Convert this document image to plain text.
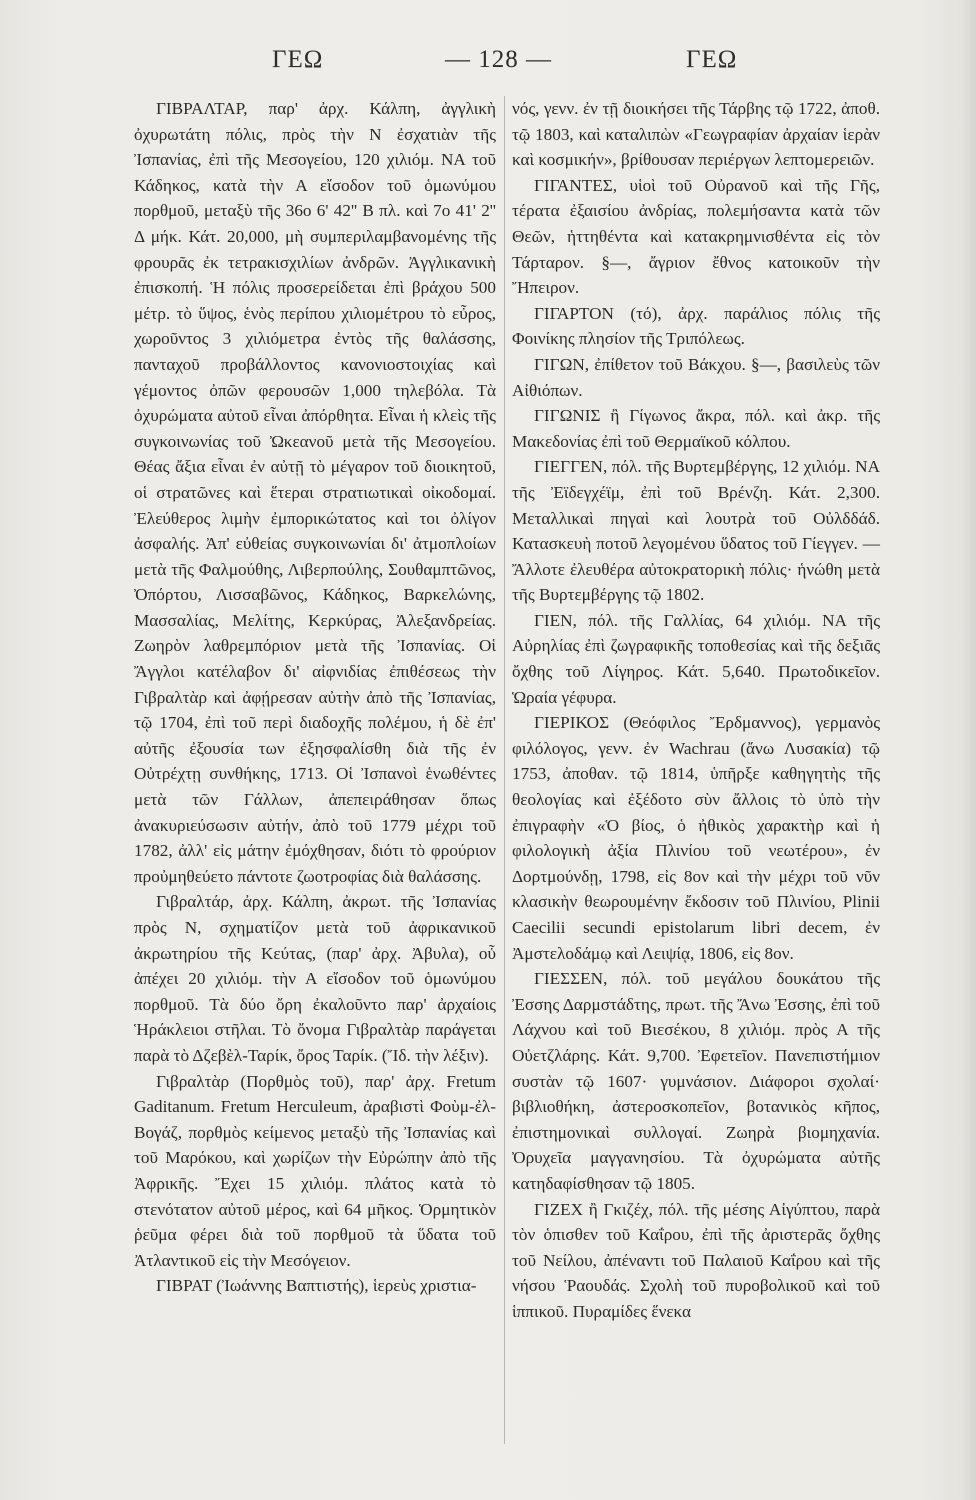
ΓΕΩ	— 128 —	ΓΕΩ

ΓΙΒΡΑΛΤΑΡ, παρ' ἀρχ. Κάλπη, ἀγγλικὴ ὀχυρωτάτη πόλις, πρὸς τὴν Ν ἐσχατιὰν τῆς Ἰσπανίας, ἐπὶ τῆς Μεσογείου, 120 χιλιόμ. ΝΑ τοῦ Κάδηκος, κατὰ τὴν Α εἴσοδον τοῦ ὁμωνύμου πορθμοῦ, μεταξὺ τῆς 36ο 6' 42'' Β πλ. καὶ 7ο 41' 2'' Δ μήκ. Κάτ. 20,000, μὴ συμπεριλαμβανομένης τῆς φρουρᾶς ἐκ τετρακισχιλίων ἀνδρῶν. Ἀγγλικανικὴ ἐπισκοπή. Ἡ πόλις προσερείδεται ἐπὶ βράχου 500 μέτρ. τὸ ὕψος, ἑνὸς περίπου χιλιομέτρου τὸ εὖρος, χωροῦντος 3 χιλιόμετρα ἐντὸς τῆς θαλάσσης, πανταχοῦ προβάλλοντος κανονιοστοιχίας καὶ γέμοντος ὀπῶν φερουσῶν 1,000 τηλεβόλα. Τὰ ὀχυρώματα αὐτοῦ εἶναι ἀπόρθητα. Εἶναι ἡ κλεὶς τῆς συγκοινωνίας τοῦ Ὠκεανοῦ μετὰ τῆς Μεσογείου. Θέας ἄξια εἶναι ἐν αὐτῇ τὸ μέγαρον τοῦ διοικητοῦ, οἱ στρατῶνες καὶ ἕτεραι στρατιωτικαὶ οἰκοδομαί. Ἐλεύθερος λιμὴν ἐμπορικώτατος καὶ τοι ὀλίγον ἀσφαλής. Ἀπ' εὐθείας συγκοινωνίαι δι' ἀτμοπλοίων μετὰ τῆς Φαλμούθης, Λιβερπούλης, Σουθαμπτῶνος, Ὀπόρτου, Λισσαβῶνος, Κάδηκος, Βαρκελώνης, Μασσαλίας, Μελίτης, Κερκύρας, Ἀλεξανδρείας. Ζωηρὸν λαθρεμπόριον μετὰ τῆς Ἰσπανίας. Οἱ Ἄγγλοι κατέλαβον δι' αἰφνιδίας ἐπιθέσεως τὴν Γιβραλτὰρ καὶ ἀφῄρεσαν αὐτὴν ἀπὸ τῆς Ἰσπανίας, τῷ 1704, ἐπὶ τοῦ περὶ διαδοχῆς πολέμου, ἡ δὲ ἐπ' αὐτῆς ἐξουσία των ἐξησφαλίσθη διὰ τῆς ἐν Οὐτρέχτῃ συνθήκης, 1713. Οἱ Ἰσπανοὶ ἑνωθέντες μετὰ τῶν Γάλλων, ἀπεπειράθησαν ὅπως ἀνακυριεύσωσιν αὐτήν, ἀπὸ τοῦ 1779 μέχρι τοῦ 1782, ἀλλ' εἰς μάτην ἐμόχθησαν, διότι τὸ φρούριον προὐμηθεύετο πάντοτε ζωοτροφίας διὰ θαλάσσης.

Γιβραλτάρ, ἀρχ. Κάλπη, ἀκρωτ. τῆς Ἰσπανίας πρὸς Ν, σχηματίζον μετὰ τοῦ ἀφρικανικοῦ ἀκρωτηρίου τῆς Κεύτας, (παρ' ἀρχ. Ἀβυλα), οὗ ἀπέχει 20 χιλιόμ. τὴν Α εἴσοδον τοῦ ὁμωνύμου πορθμοῦ. Τὰ δύο ὄρη ἐκαλοῦντο παρ' ἀρχαίοις Ἡράκλειοι στῆλαι. Τὸ ὄνομα Γιβραλτὰρ παράγεται παρὰ τὸ Δζεβὲλ-Ταρίκ, ὄρος Ταρίκ. (Ἴδ. τὴν λέξιν).

Γιβραλτὰρ (Πορθμὸς τοῦ), παρ' ἀρχ. Fretum Gaditanum. Fretum Herculeum, ἀραβιστὶ Φοὺμ-ἐλ-Βογάζ, πορθμὸς κείμενος μεταξὺ τῆς Ἰσπανίας καὶ τοῦ Μαρόκου, καὶ χωρίζων τὴν Εὐρώπην ἀπὸ τῆς Ἀφρικῆς. Ἔχει 15 χιλιόμ. πλάτος κατὰ τὸ στενότατον αὐτοῦ μέρος, καὶ 64 μῆκος. Ὁρμητικὸν ῥεῦμα φέρει διὰ τοῦ πορθμοῦ τὰ ὕδατα τοῦ Ἀτλαντικοῦ εἰς τὴν Μεσόγειον.

ΓΙΒΡΑΤ (Ἰωάννης Βαπτιστής), ἱερεὺς χριστια-

νός, γενν. ἐν τῇ διοικήσει τῆς Τάρβης τῷ 1722, ἀποθ. τῷ 1803, καὶ καταλιπὼν «Γεωγραφίαν ἀρχαίαν ἱερὰν καὶ κοσμικήν», βρίθουσαν περιέργων λεπτομερειῶν.

ΓΙΓΑΝΤΕΣ, υἱοὶ τοῦ Οὐρανοῦ καὶ τῆς Γῆς, τέρατα ἐξαισίου ἀνδρίας, πολεμήσαντα κατὰ τῶν Θεῶν, ἡττηθέντα καὶ κατακρημνισθέντα εἰς τὸν Τάρταρον. §—, ἄγριον ἔθνος κατοικοῦν τὴν Ἤπειρον.

ΓΙΓΑΡΤΟΝ (τό), ἀρχ. παράλιος πόλις τῆς Φοινίκης πλησίον τῆς Τριπόλεως.

ΓΙΓΩΝ, ἐπίθετον τοῦ Βάκχου. §—, βασιλεὺς τῶν Αἰθιόπων.

ΓΙΓΩΝΙΣ ἢ Γίγωνος ἄκρα, πόλ. καὶ ἀκρ. τῆς Μακεδονίας ἐπὶ τοῦ Θερμαϊκοῦ κόλπου.

ΓΙΕΓΓΕΝ, πόλ. τῆς Βυρτεμβέργης, 12 χιλιόμ. ΝΑ τῆς Ἐϊδεγχέϊμ, ἐπὶ τοῦ Βρένζη. Κάτ. 2,300. Μεταλλικαὶ πηγαὶ καὶ λουτρὰ τοῦ Οὐλδδάδ. Κατασκευὴ ποτοῦ λεγομένου ὕδατος τοῦ Γίεγγεν. — Ἄλλοτε ἐλευθέρα αὐτοκρατορικὴ πόλις· ἡνώθη μετὰ τῆς Βυρτεμβέργης τῷ 1802.

ΓΙΕΝ, πόλ. τῆς Γαλλίας, 64 χιλιόμ. ΝΑ τῆς Αὐρηλίας ἐπὶ ζωγραφικῆς τοποθεσίας καὶ τῆς δεξιᾶς ὄχθης τοῦ Λίγηρος. Κάτ. 5,640. Πρωτοδικεῖον. Ὡραία γέφυρα.

ΓΙΕΡΙΚΟΣ (Θεόφιλος Ἔρδμαννος), γερμανὸς φιλόλογος, γενν. ἐν Wachrau (ἄνω Λυσακία) τῷ 1753, ἀποθαν. τῷ 1814, ὑπῆρξε καθηγητὴς τῆς θεολογίας καὶ ἐξέδοτο σὺν ἄλλοις τὸ ὑπὸ τὴν ἐπιγραφὴν «Ὁ βίος, ὁ ἠθικὸς χαρακτὴρ καὶ ἡ φιλολογικὴ ἀξία Πλινίου τοῦ νεωτέρου», ἐν Δορτμούνδῃ, 1798, εἰς 8ον καὶ τὴν μέχρι τοῦ νῦν κλασικὴν θεωρουμένην ἔκδοσιν τοῦ Πλινίου, Plinii Caecilii secundi epistolarum libri decem, ἐν Ἀμστελοδάμῳ καὶ Λειψίᾳ, 1806, εἰς 8ον.

ΓΙΕΣΣΕΝ, πόλ. τοῦ μεγάλου δουκάτου τῆς Ἐσσης Δαρμστάδτης, πρωτ. τῆς Ἄνω Ἐσσης, ἐπὶ τοῦ Λάχνου καὶ τοῦ Βιεσέκου, 8 χιλιόμ. πρὸς Α τῆς Οὐετζλάρης. Κάτ. 9,700. Ἐφετεῖον. Πανεπιστήμιον συστὰν τῷ 1607· γυμνάσιον. Διάφοροι σχολαί· βιβλιοθήκη, ἀστεροσκοπεῖον, βοτανικὸς κῆπος, ἐπιστημονικαὶ συλλογαί. Ζωηρὰ βιομηχανία. Ὀρυχεῖα μαγγανησίου. Τὰ ὀχυρώματα αὐτῆς κατηδαφίσθησαν τῷ 1805.

ΓΙΖΕΧ ἢ Γκιζέχ, πόλ. τῆς μέσης Αἰγύπτου, παρὰ τὸν ὁπισθεν τοῦ Καΐρου, ἐπὶ τῆς ἀριστερᾶς ὄχθης τοῦ Νείλου, ἀπέναντι τοῦ Παλαιοῦ Καΐρου καὶ τῆς νήσου Ῥαουδάς. Σχολὴ τοῦ πυροβολικοῦ καὶ τοῦ ἱππικοῦ. Πυραμίδες ἕνεκα
